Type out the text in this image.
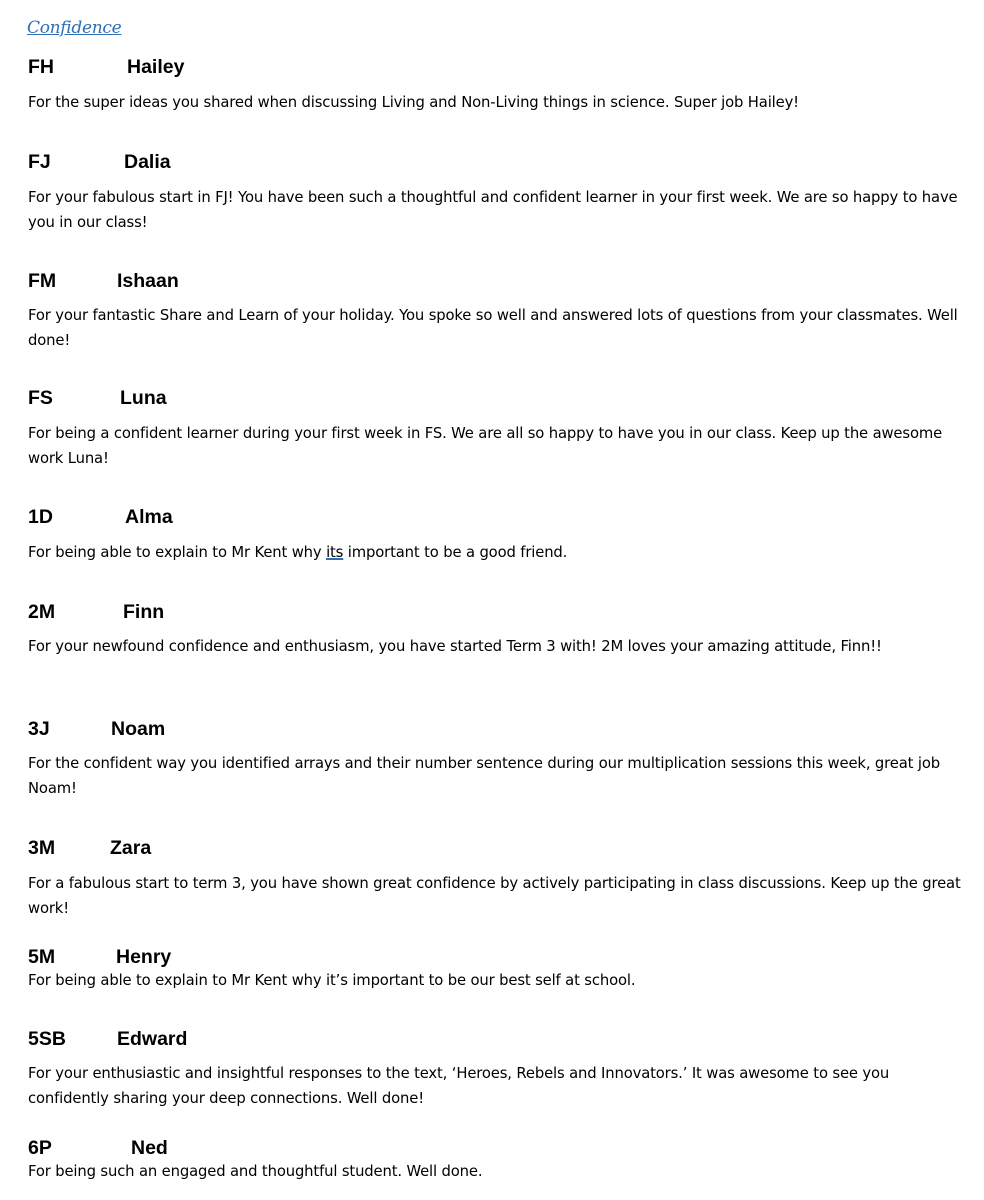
Confidence
FH	Hailey
For the super ideas you shared when discussing Living and Non-Living things in science. Super job Hailey!
FJ	Dalia
For your fabulous start in FJ! You have been such a thoughtful and confident learner in your first week. We are so happy to have you in our class!
FM	Ishaan
For your fantastic Share and Learn of your holiday. You spoke so well and answered lots of questions from your classmates. Well done!
FS	Luna
For being a confident learner during your first week in FS. We are all so happy to have you in our class. Keep up the awesome work Luna!
1D	Alma
For being able to explain to Mr Kent why its important to be a good friend.
2M	Finn
For your newfound confidence and enthusiasm, you have started Term 3 with! 2M loves your amazing attitude, Finn!!
3J	Noam
For the confident way you identified arrays and their number sentence during our multiplication sessions this week, great job Noam!
3M	Zara
For a fabulous start to term 3, you have shown great confidence by actively participating in class discussions. Keep up the great work!
5M	Henry
For being able to explain to Mr Kent why it’s important to be our best self at school.
5SB	Edward
For your enthusiastic and insightful responses to the text, ‘Heroes, Rebels and Innovators.’ It was awesome to see you confidently sharing your deep connections. Well done!
6P	Ned
For being such an engaged and thoughtful student. Well done.
